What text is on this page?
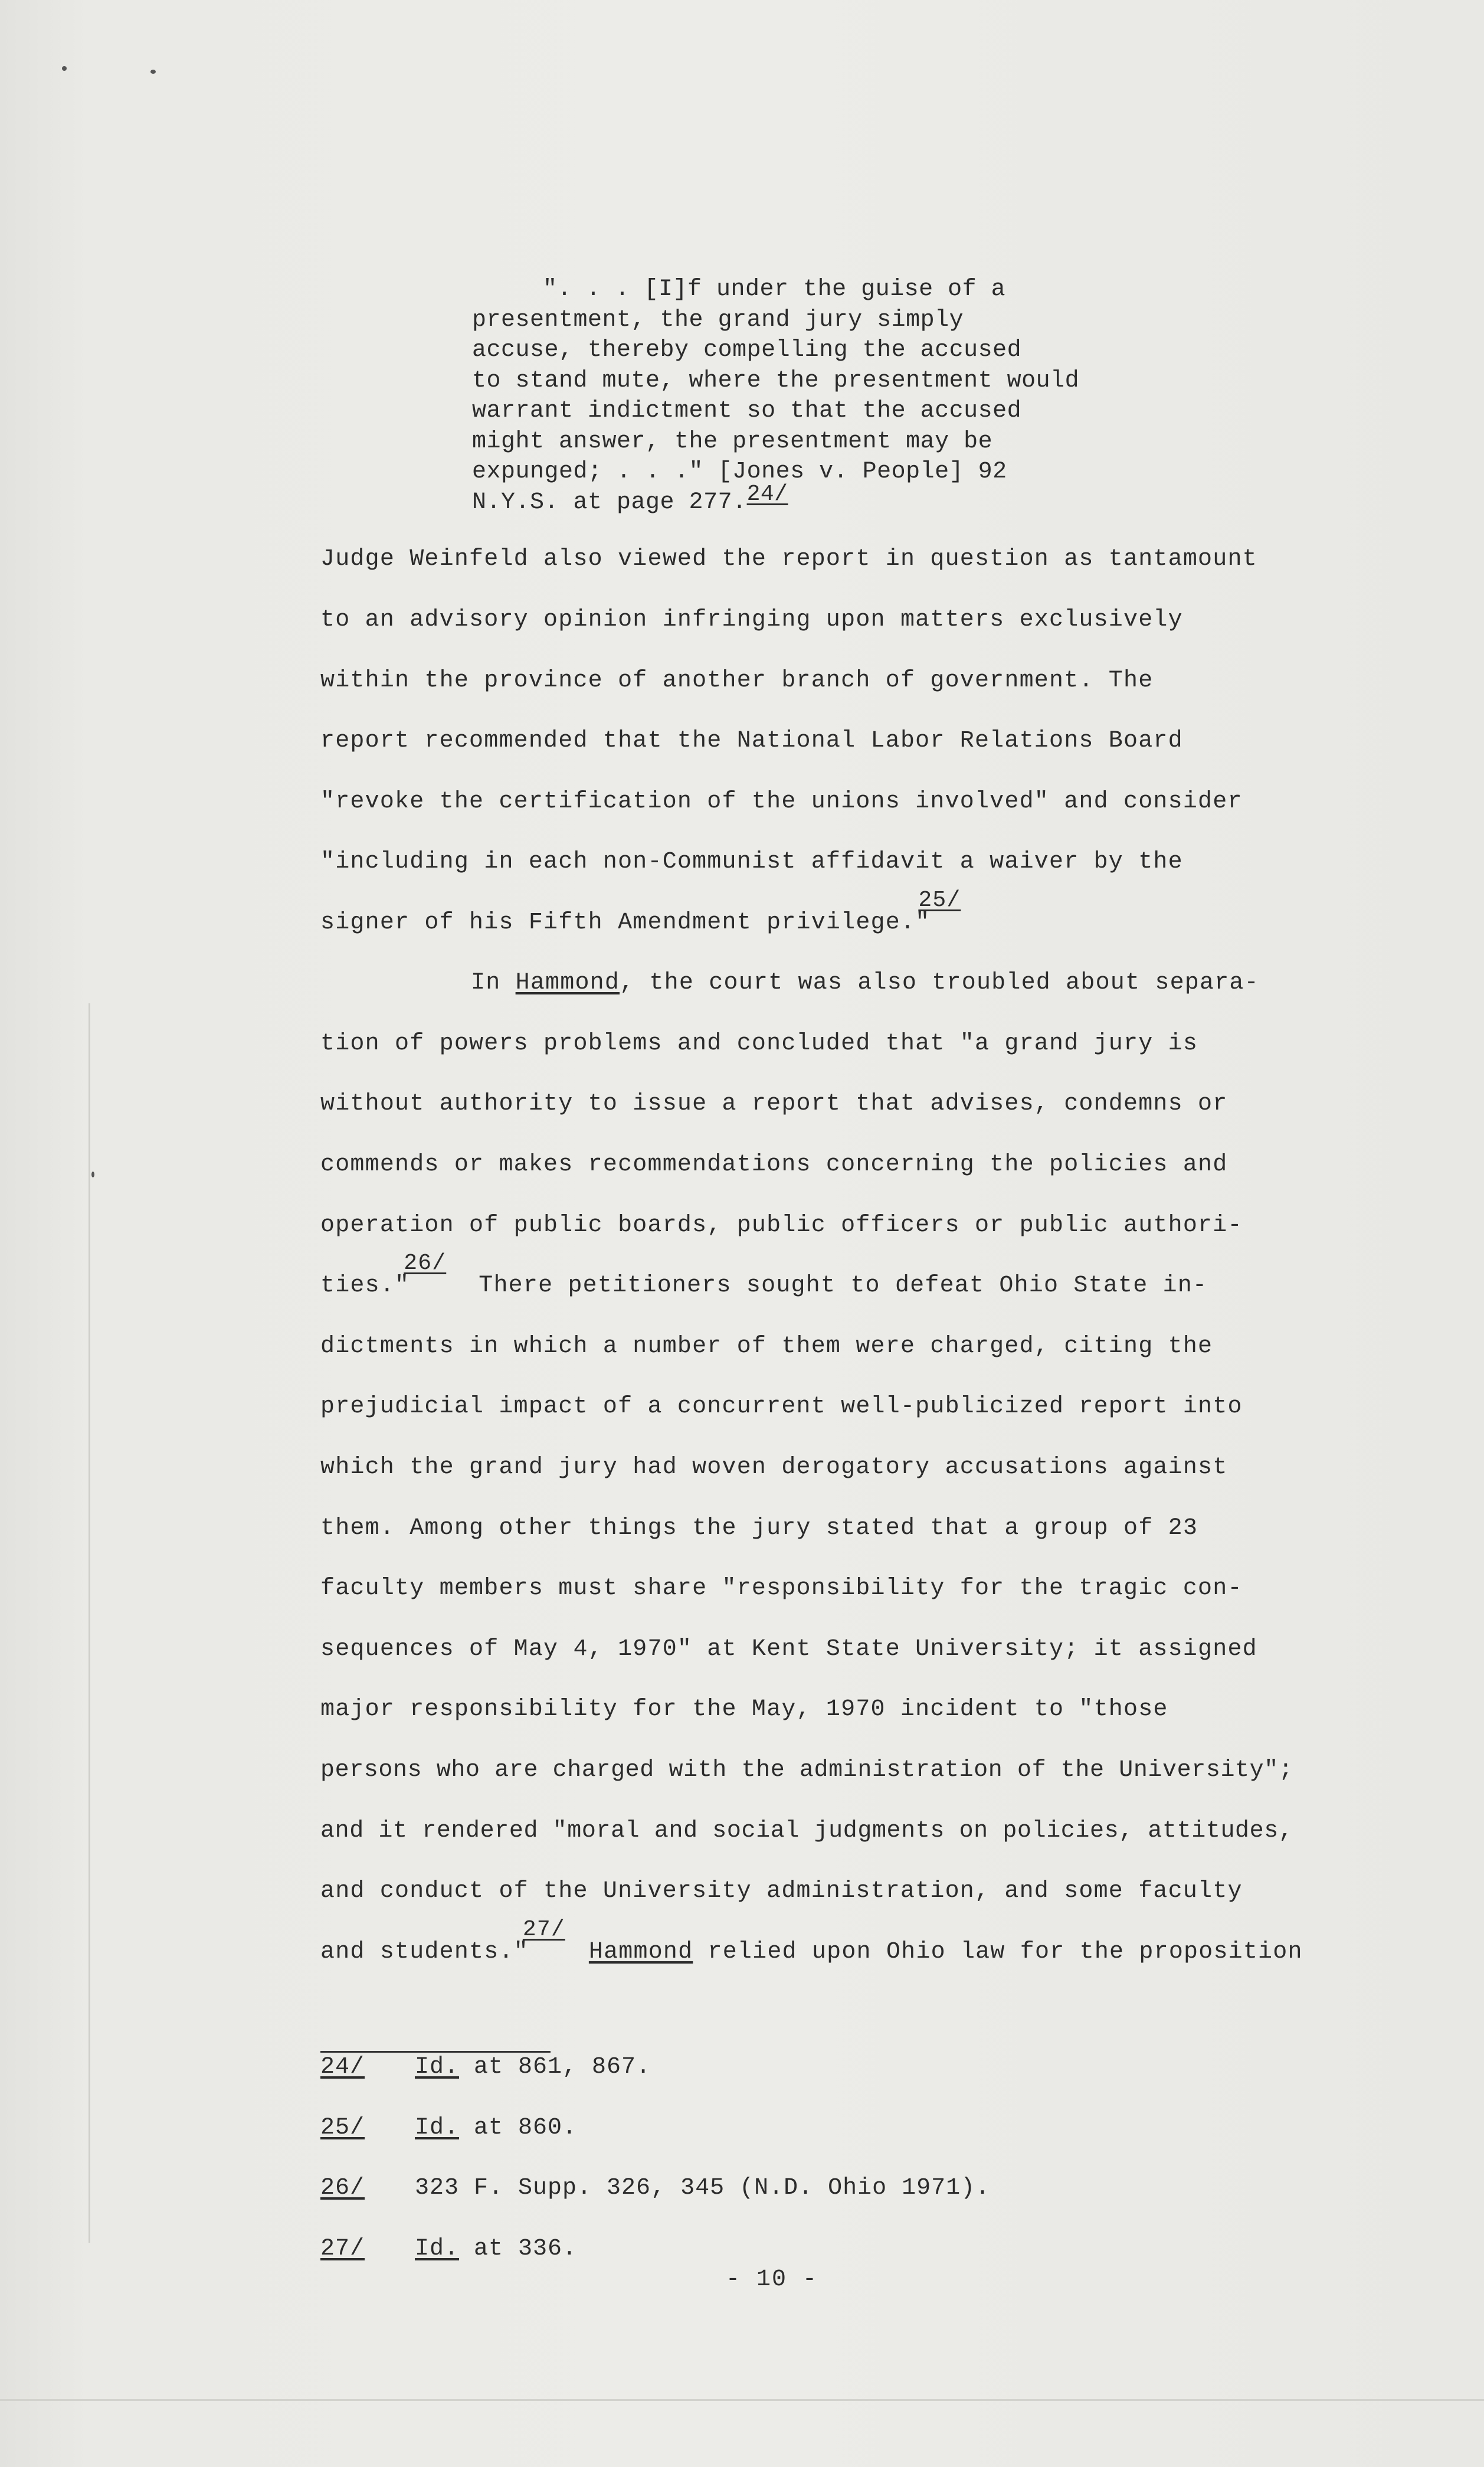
". . . [I]f under the guise of a
presentment, the grand jury simply
accuse, thereby compelling the accused
to stand mute, where the presentment would
warrant indictment so that the accused
might answer, the presentment may be
expunged; . . ." [Jones v. People] 92
N.Y.S. at page 277.24/
Judge Weinfeld also viewed the report in question as tantamount
to an advisory opinion infringing upon matters exclusively
within the province of another branch of government. The
report recommended that the National Labor Relations Board
"revoke the certification of the unions involved" and consider
"including in each non-Communist affidavit a waiver by the
signer of his Fifth Amendment privilege."25/
In Hammond, the court was also troubled about separa-
tion of powers problems and concluded that "a grand jury is
without authority to issue a report that advises, condemns or
commends or makes recommendations concerning the policies and
operation of public boards, public officers or public authori-
ties."26/There petitioners sought to defeat Ohio State in-
dictments in which a number of them were charged, citing the
prejudicial impact of a concurrent well-publicized report into
which the grand jury had woven derogatory accusations against
them. Among other things the jury stated that a group of 23
faculty members must share "responsibility for the tragic con-
sequences of May 4, 1970" at Kent State University; it assigned
major responsibility for the May, 1970 incident to "those
persons who are charged with the administration of the University";
and it rendered "moral and social judgments on policies, attitudes,
and conduct of the University administration, and some faculty
and students."27/Hammond relied upon Ohio law for the proposition
24/ Id. at 861, 867.
25/ Id. at 860.
26/ 323 F. Supp. 326, 345 (N.D. Ohio 1971).
27/ Id. at 336.
- 10 -
